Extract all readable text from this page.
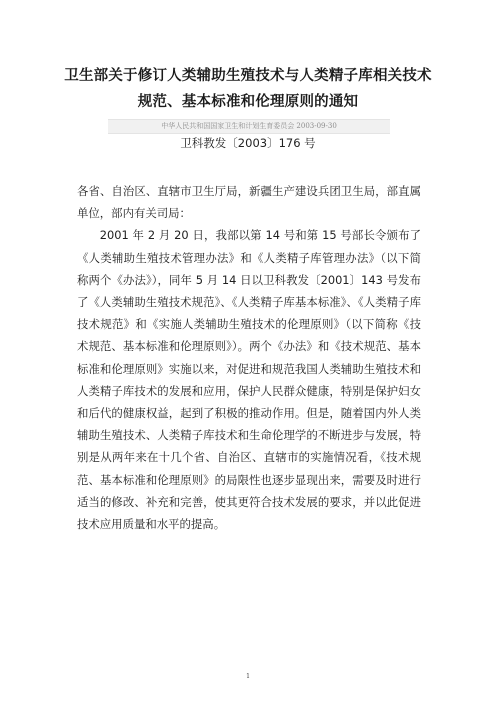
卫生部关于修订人类辅助生殖技术与人类精子库相关技术
规范、基本标准和伦理原则的通知
中华人民共和国国家卫生和计划生育委员会 2003-09-30
卫科教发〔2003〕176 号

各省、自治区、直辖市卫生厅局，新疆生产建设兵团卫生局，部直属单位，部内有关司局：

2001 年 2 月 20 日，我部以第 14 号和第 15 号部长令颁布了《人类辅助生殖技术管理办法》和《人类精子库管理办法》（以下简称两个《办法》），同年 5 月 14 日以卫科教发〔2001〕143 号发布了《人类辅助生殖技术规范》、《人类精子库基本标准》、《人类精子库技术规范》和《实施人类辅助生殖技术的伦理原则》（以下简称《技术规范、基本标准和伦理原则》）。两个《办法》和《技术规范、基本标准和伦理原则》实施以来，对促进和规范我国人类辅助生殖技术和人类精子库技术的发展和应用，保护人民群众健康，特别是保护妇女和后代的健康权益，起到了积极的推动作用。但是，随着国内外人类辅助生殖技术、人类精子库技术和生命伦理学的不断进步与发展，特别是从两年来在十几个省、自治区、直辖市的实施情况看，《技术规范、基本标准和伦理原则》的局限性也逐步显现出来，需要及时进行适当的修改、补充和完善，使其更符合技术发展的要求，并以此促进技术应用质量和水平的提高。

1
